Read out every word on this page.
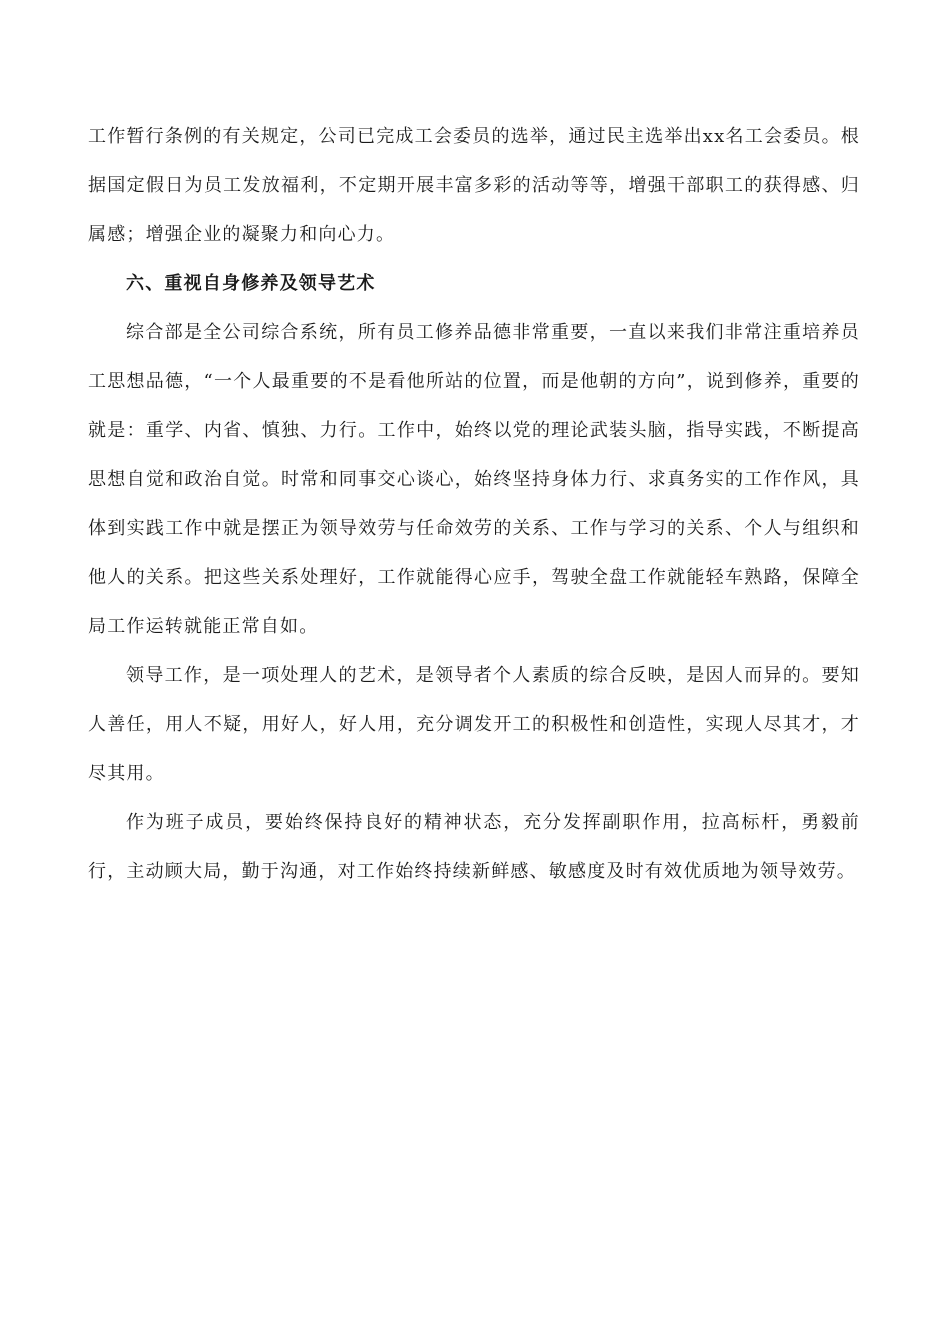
工作暂行条例的有关规定，公司已完成工会委员的选举，通过民主选举出xx名工会委员。根据国定假日为员工发放福利，不定期开展丰富多彩的活动等等，增强干部职工的获得感、归属感；增强企业的凝聚力和向心力。

六、重视自身修养及领导艺术

综合部是全公司综合系统，所有员工修养品德非常重要，一直以来我们非常注重培养员工思想品德，“一个人最重要的不是看他所站的位置，而是他朝的方向”，说到修养，重要的就是：重学、内省、慎独、力行。工作中，始终以党的理论武装头脑，指导实践，不断提高思想自觉和政治自觉。时常和同事交心谈心，始终坚持身体力行、求真务实的工作作风，具体到实践工作中就是摆正为领导效劳与任命效劳的关系、工作与学习的关系、个人与组织和他人的关系。把这些关系处理好，工作就能得心应手，驾驶全盘工作就能轻车熟路，保障全局工作运转就能正常自如。

领导工作，是一项处理人的艺术，是领导者个人素质的综合反映，是因人而异的。要知人善任，用人不疑，用好人，好人用，充分调发开工的积极性和创造性，实现人尽其才，才尽其用。

作为班子成员，要始终保持良好的精神状态，充分发挥副职作用，拉高标杆，勇毅前行，主动顾大局，勤于沟通，对工作始终持续新鲜感、敏感度及时有效优质地为领导效劳。
